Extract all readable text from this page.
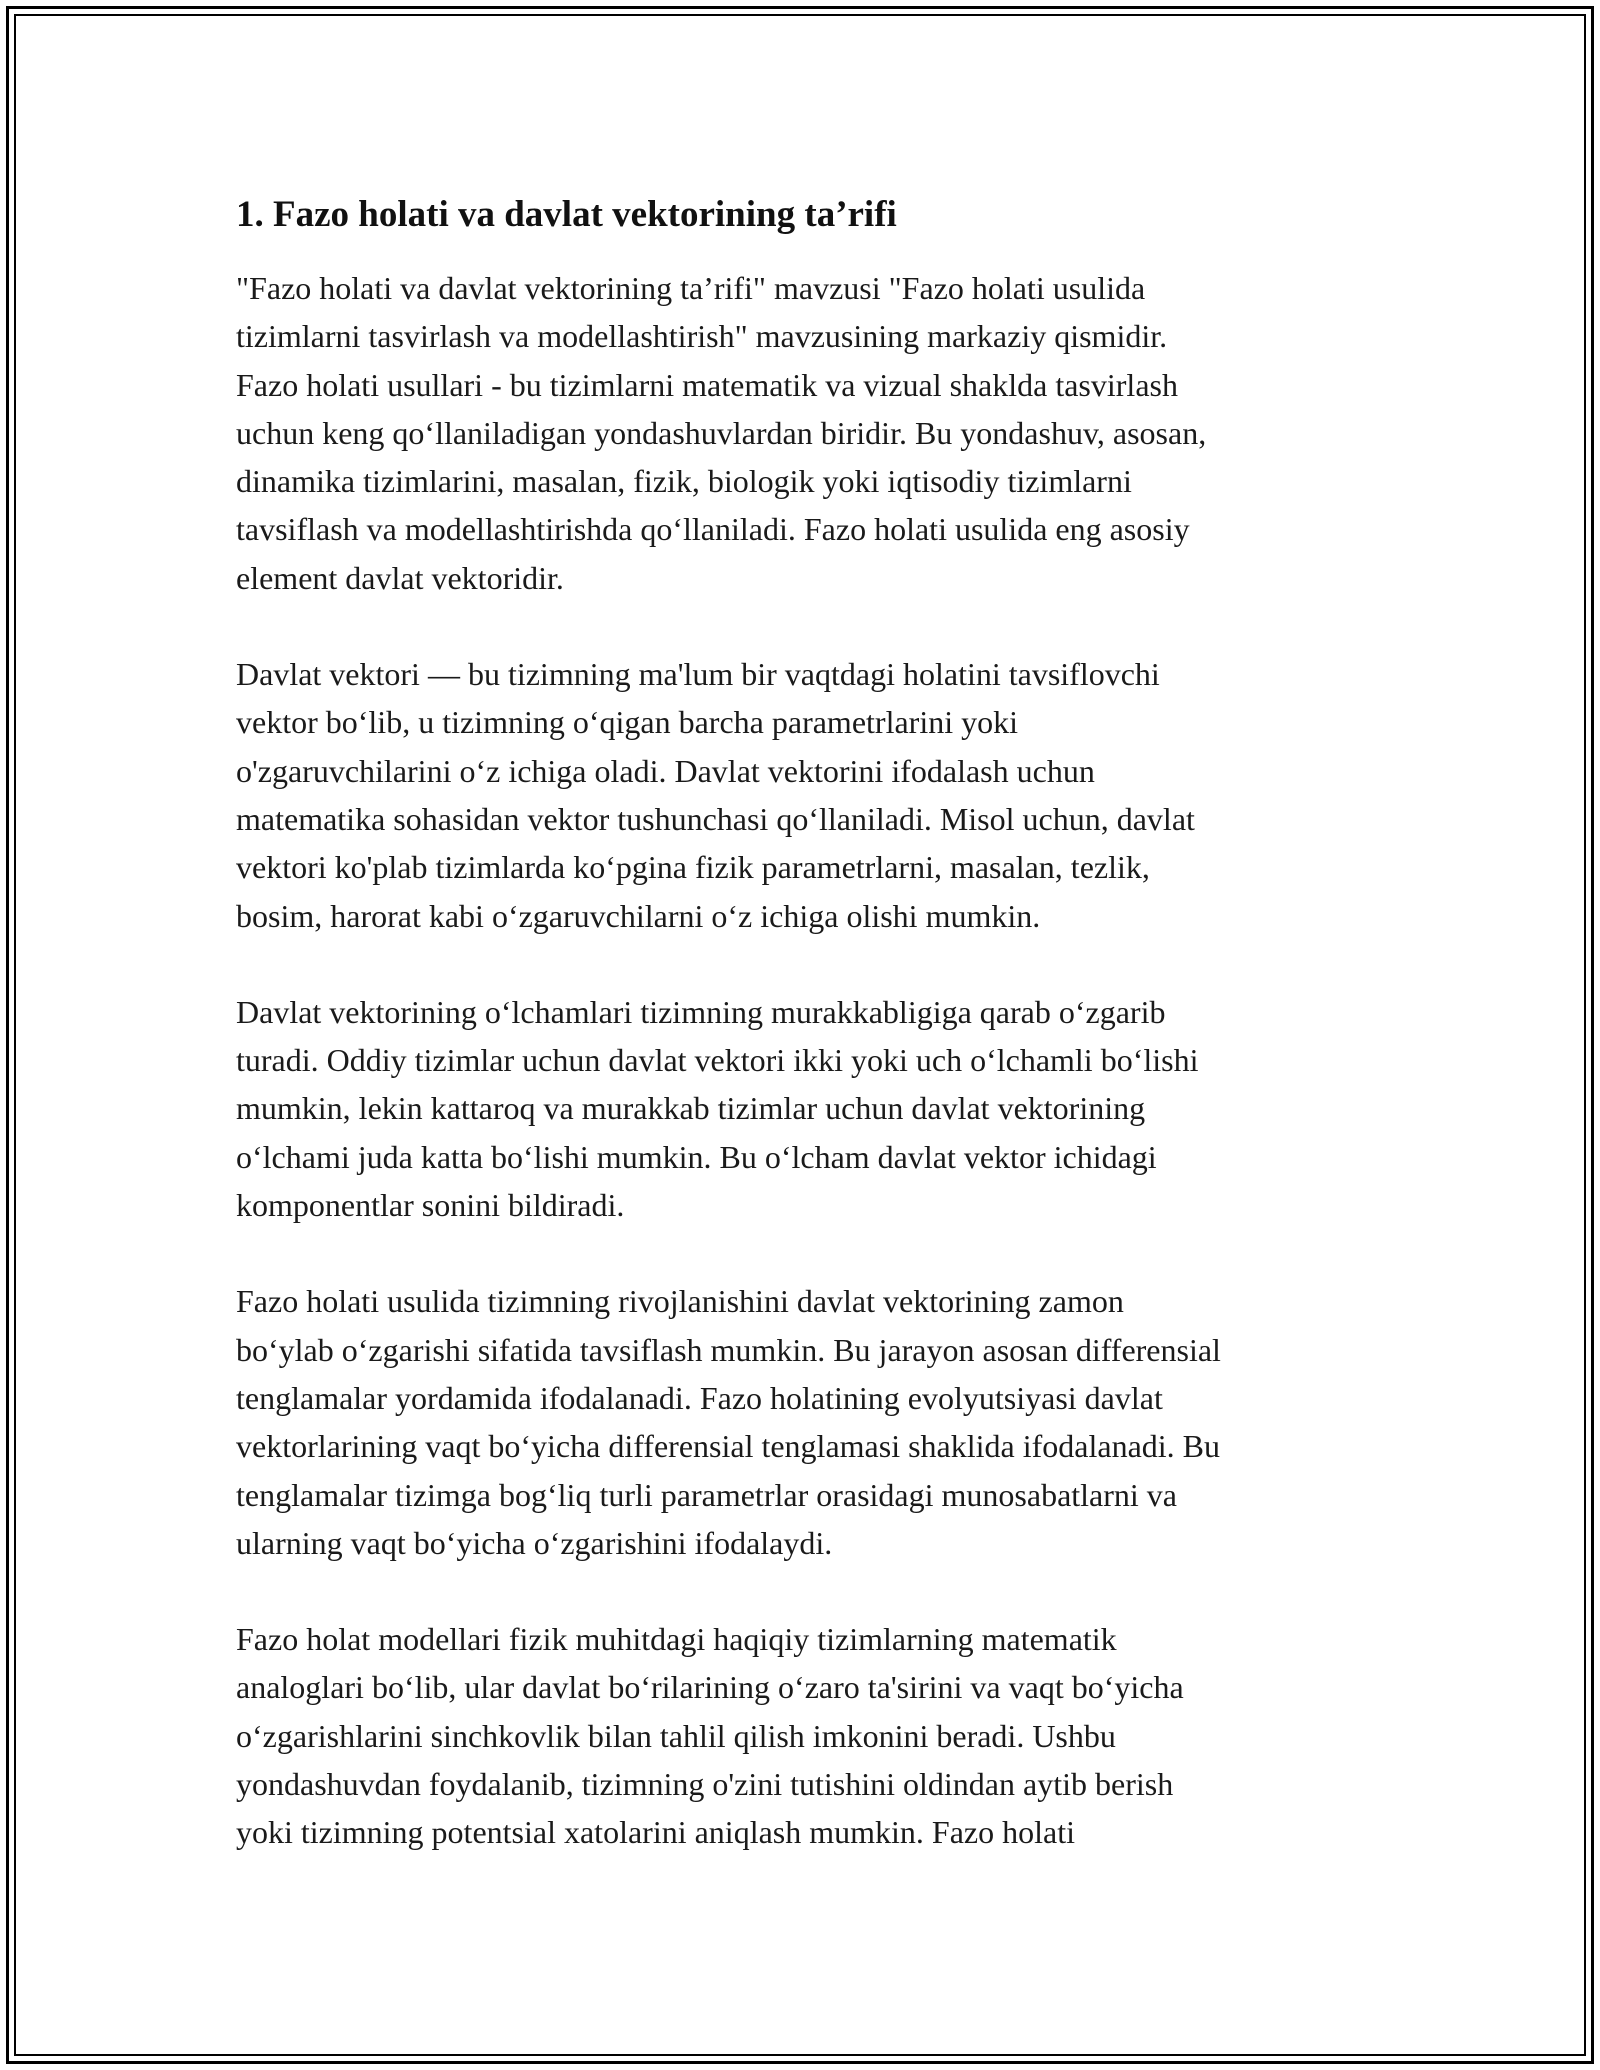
1. Fazo holati va davlat vektorining ta’rifi

"Fazo holati va davlat vektorining ta’rifi" mavzusi "Fazo holati usulida
tizimlarni tasvirlash va modellashtirish" mavzusining markaziy qismidir.
Fazo holati usullari - bu tizimlarni matematik va vizual shaklda tasvirlash
uchun keng qo‘llaniladigan yondashuvlardan biridir. Bu yondashuv, asosan,
dinamika tizimlarini, masalan, fizik, biologik yoki iqtisodiy tizimlarni
tavsiflash va modellashtirishda qo‘llaniladi. Fazo holati usulida eng asosiy
element davlat vektoridir.

Davlat vektori — bu tizimning ma'lum bir vaqtdagi holatini tavsiflovchi
vektor bo‘lib, u tizimning o‘qigan barcha parametrlarini yoki
o'zgaruvchilarini o‘z ichiga oladi. Davlat vektorini ifodalash uchun
matematika sohasidan vektor tushunchasi qo‘llaniladi. Misol uchun, davlat
vektori ko'plab tizimlarda ko‘pgina fizik parametrlarni, masalan, tezlik,
bosim, harorat kabi o‘zgaruvchilarni o‘z ichiga olishi mumkin.

Davlat vektorining o‘lchamlari tizimning murakkabligiga qarab o‘zgarib
turadi. Oddiy tizimlar uchun davlat vektori ikki yoki uch o‘lchamli bo‘lishi
mumkin, lekin kattaroq va murakkab tizimlar uchun davlat vektorining
o‘lchami juda katta bo‘lishi mumkin. Bu o‘lcham davlat vektor ichidagi
komponentlar sonini bildiradi.

Fazo holati usulida tizimning rivojlanishini davlat vektorining zamon
bo‘ylab o‘zgarishi sifatida tavsiflash mumkin. Bu jarayon asosan differensial
tenglamalar yordamida ifodalanadi. Fazo holatining evolyutsiyasi davlat
vektorlarining vaqt bo‘yicha differensial tenglamasi shaklida ifodalanadi. Bu
tenglamalar tizimga bog‘liq turli parametrlar orasidagi munosabatlarni va
ularning vaqt bo‘yicha o‘zgarishini ifodalaydi.

Fazo holat modellari fizik muhitdagi haqiqiy tizimlarning matematik
analoglari bo‘lib, ular davlat bo‘rilarining o‘zaro ta'sirini va vaqt bo‘yicha
o‘zgarishlarini sinchkovlik bilan tahlil qilish imkonini beradi. Ushbu
yondashuvdan foydalanib, tizimning o'zini tutishini oldindan aytib berish
yoki tizimning potentsial xatolarini aniqlash mumkin. Fazo holati
